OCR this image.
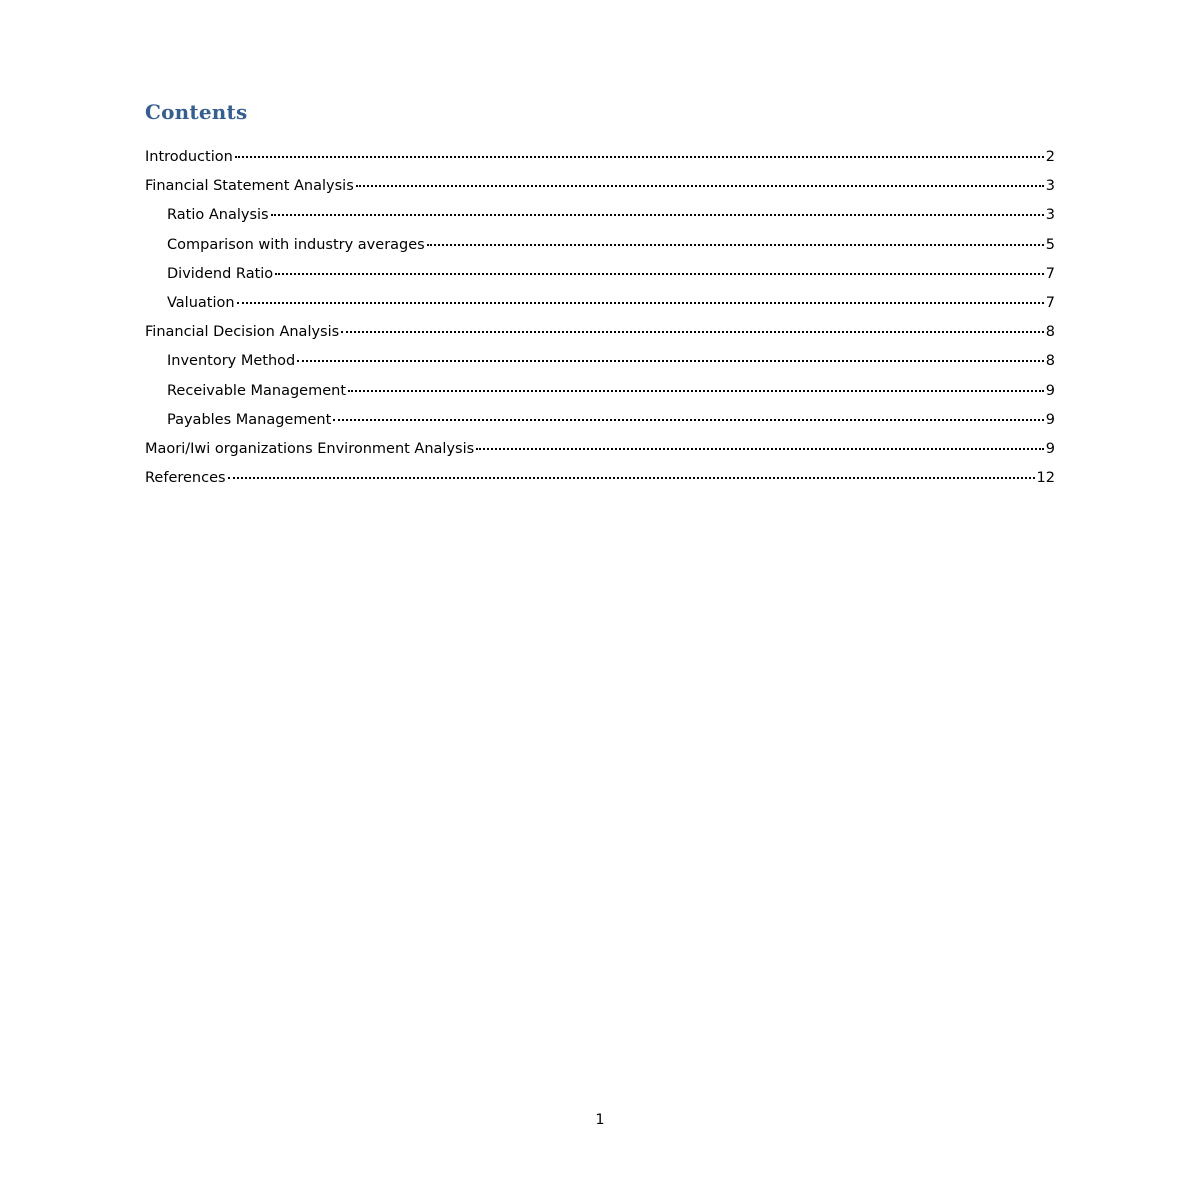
Contents
Introduction	2
Financial Statement Analysis	3
Ratio Analysis	3
Comparison with industry averages	5
Dividend Ratio	7
Valuation	7
Financial Decision Analysis	8
Inventory Method	8
Receivable Management	9
Payables Management	9
Maori/Iwi organizations Environment Analysis	9
References	12
1
